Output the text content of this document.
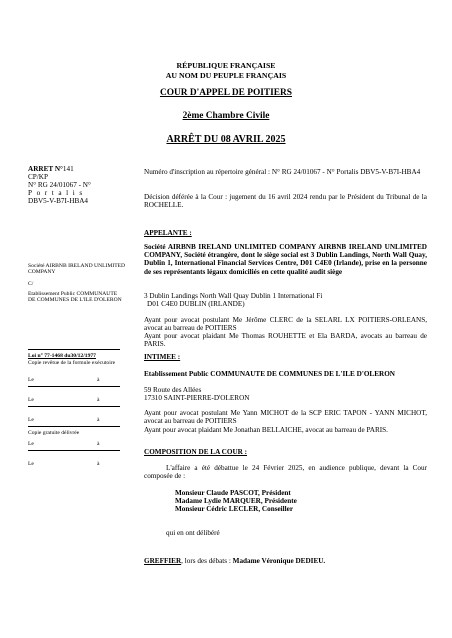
RÉPUBLIQUE FRANÇAISE
AU NOM DU PEUPLE FRANÇAIS
COUR D'APPEL DE POITIERS
2ème Chambre Civile
ARRÊT DU 08 AVRIL 2025
ARRET N°141
CP/KP
N° RG 24/01067 - N°
Portalis
DBV5-V-B7I-HBA4
Société AIRBNB IRELAND UNLIMITED COMPANY
C/
Etablissement Public COMMUNAUTE DE COMMUNES DE L'ILE D'OLERON
Loi n° 77-1468 du30/12/1977
Copie revêtue de la formule exécutoire
Le	à
Le	à
Le	à
Copie gratuite délivrée
Le	à
Le	à
Numéro d'inscription au répertoire général : N° RG 24/01067 - N° Portalis DBV5-V-B7I-HBA4
Décision déférée à la Cour : jugement du 16 avril 2024 rendu par le Président du Tribunal de la ROCHELLE.
APPELANTE :
Société AIRBNB IRELAND UNLIMITED COMPANY AIRBNB IRELAND UNLIMITED COMPANY, Société étrangère, dont le siège social est 3 Dublin Landings, North Wall Quay, Dublin 1, International Financial Services Centre, D01 C4E0 (Irlande), prise en la personne de ses représentants légaux domiciliés en cette qualité audit siège
3 Dublin Landings North Wall Quay Dublin 1 International Fi
D01 C4E0 DUBLIN (IRLANDE)
Ayant pour avocat postulant Me Jérôme CLERC de la SELARL LX POITIERS-ORLEANS, avocat au barreau de POITIERS
Ayant pour avocat plaidant Me Thomas ROUHETTE et Ela BARDA, avocats au barreau de PARIS.
INTIMEE :
Etablissement Public COMMUNAUTE DE COMMUNES DE L'ILE D'OLERON
59 Route des Allées
17310 SAINT-PIERRE-D'OLERON
Ayant pour avocat postulant Me Yann MICHOT de la SCP ERIC TAPON - YANN MICHOT, avocat au barreau de POITIERS
Ayant pour avocat plaidant Me Jonathan BELLAICHE, avocat au barreau de PARIS.
COMPOSITION DE LA COUR :
L'affaire a été débattue le 24 Février 2025, en audience publique, devant la Cour composée de :
Monsieur Claude PASCOT, Président
Madame Lydie MARQUER, Présidente
Monsieur Cédric LECLER, Conseiller
qui en ont délibéré
GREFFIER, lors des débats : Madame Véronique DEDIEU.
